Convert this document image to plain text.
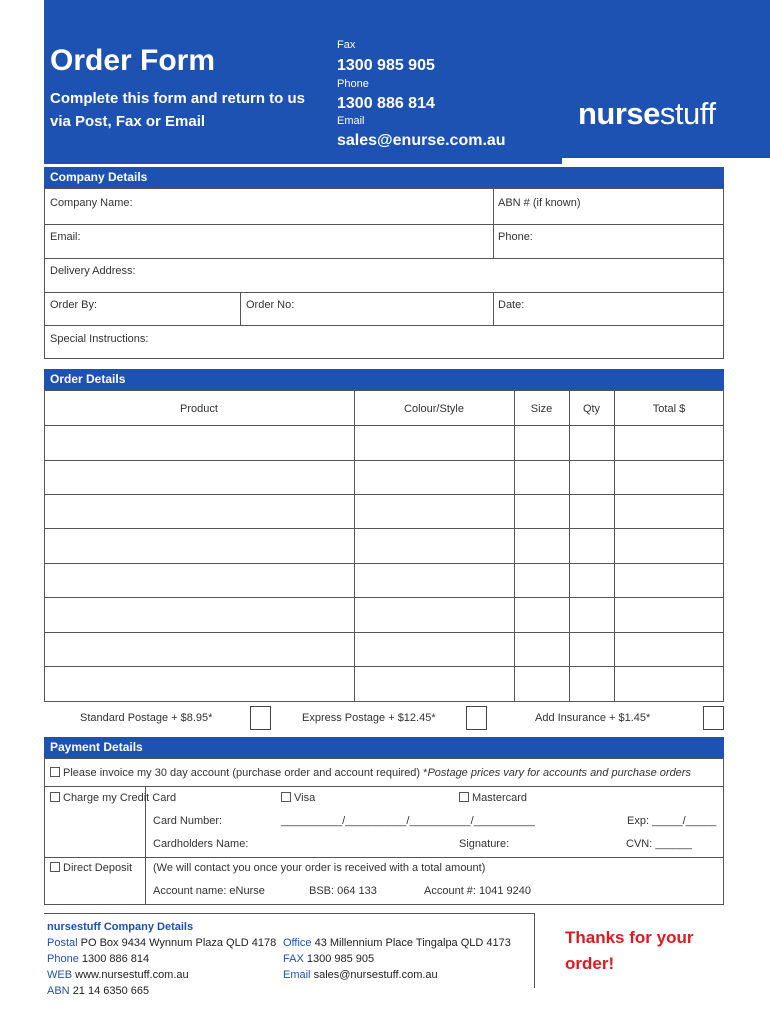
Order Form
Complete this form and return to us via Post, Fax or Email
Fax
1300 985 905
Phone
1300 886 814
Email
sales@enurse.com.au
nursestuff
Company Details
Company Name:	ABN # (if known)
Email:	Phone:
Delivery Address:
Order By:	Order No:	Date:
Special Instructions:
Order Details
Product	Colour/Style	Size	Qty	Total $
Standard Postage + $8.95*	Express Postage + $12.45*	Add Insurance + $1.45*
Payment Details
Please invoice my 30 day account (purchase order and account required) *Postage prices vary for accounts and purchase orders
Charge my Credit Card	Visa	Mastercard
Card Number:	__________/__________/__________/__________	Exp: _____/_____
Cardholders Name:	Signature:	CVN: ______
Direct Deposit (We will contact you once your order is received with a total amount)
Account name: eNurse	BSB: 064 133	Account #: 1041 9240
nursestuff Company Details
Postal PO Box 9434 Wynnum Plaza QLD 4178 Office 43 Millennium Place Tingalpa QLD 4173
Phone 1300 886 814	FAX 1300 985 905
WEB www.nursestuff.com.au	Email sales@nursestuff.com.au
ABN 21 14 6350 665
Thanks for your order!
